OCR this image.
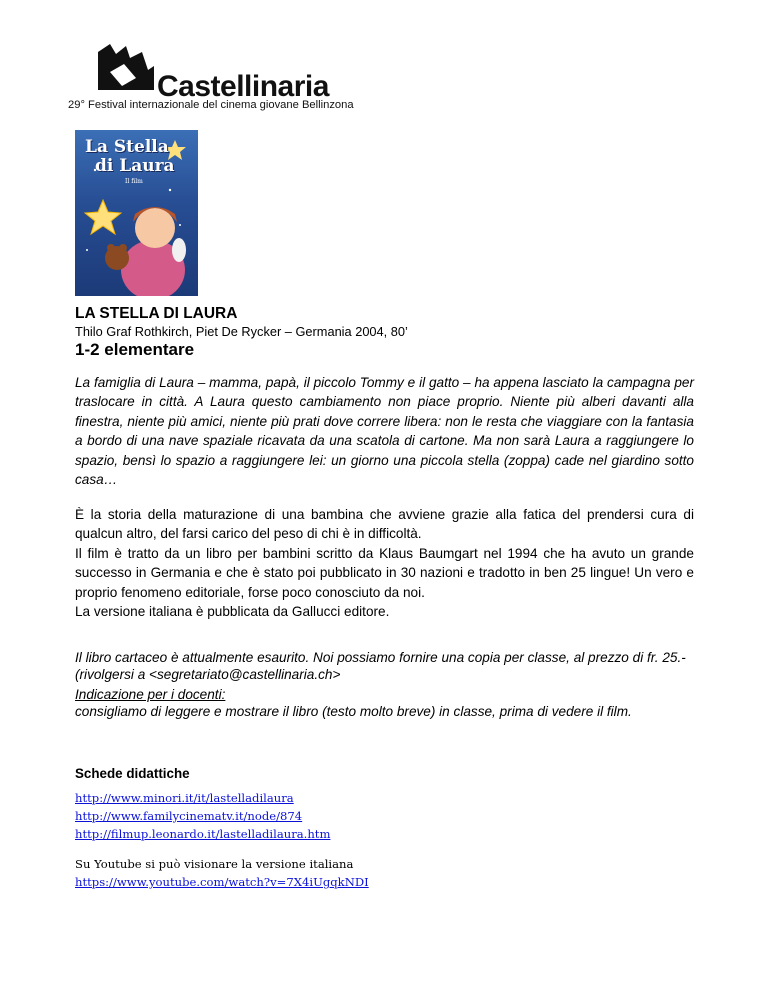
Castellinaria
29° Festival internazionale del cinema giovane Bellinzona
La Stella
di Laura
Il film
LA STELLA DI LAURA
Thilo Graf Rothkirch, Piet De Rycker – Germania 2004, 80’
1-2 elementare

La famiglia di Laura – mamma, papà, il piccolo Tommy e il gatto – ha appena lasciato la campagna per traslocare in città. A Laura questo cambiamento non piace proprio. Niente più alberi davanti alla finestra, niente più amici, niente più prati dove correre libera: non le resta che viaggiare con la fantasia a bordo di una nave spaziale ricavata da una scatola di cartone. Ma non sarà Laura a raggiungere lo spazio, bensì lo spazio a raggiungere lei: un giorno una piccola stella (zoppa) cade nel giardino sotto casa…

È la storia della maturazione di una bambina che avviene grazie alla fatica del prendersi cura di qualcun altro, del farsi carico del peso di chi è in difficoltà.

Il film è tratto da un libro per bambini scritto da Klaus Baumgart nel 1994 che ha avuto un grande successo in Germania e che è stato poi pubblicato in 30 nazioni e tradotto in ben 25 lingue! Un vero e proprio fenomeno editoriale, forse poco conosciuto da noi.

La versione italiana è pubblicata da Gallucci editore.

Il libro cartaceo è attualmente esaurito. Noi possiamo fornire una copia per classe, al prezzo di fr. 25.- (rivolgersi a <segretariato@castellinaria.ch>
Indicazione per i docenti:
consigliamo di leggere e mostrare il libro (testo molto breve) in classe, prima di vedere il film.
Schede didattiche
http://www.minori.it/it/lastelladilaura
http://www.familycinematv.it/node/874
http://filmup.leonardo.it/lastelladilaura.htm
Su Youtube si può visionare la versione italiana
https://www.youtube.com/watch?v=7X4iUgqkNDI
